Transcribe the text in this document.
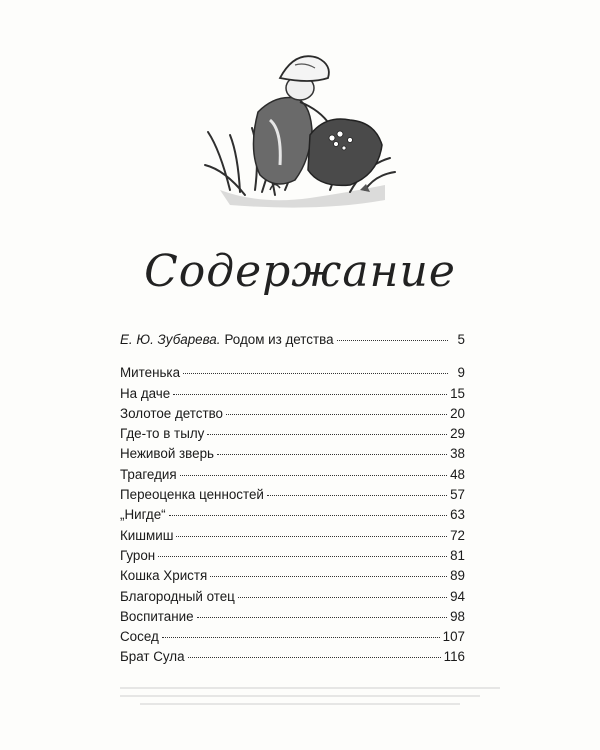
Содержание
Е. Ю. Зубарева. Родом из детства	5
Митенька	9
На даче	15
Золотое детство	20
Где-то в тылу	29
Неживой зверь	38
Трагедия	48
Переоценка ценностей	57
„Нигде“	63
Кишмиш	72
Гурон	81
Кошка Христя	89
Благородный отец	94
Воспитание	98
Сосед	107
Брат Сула	116
